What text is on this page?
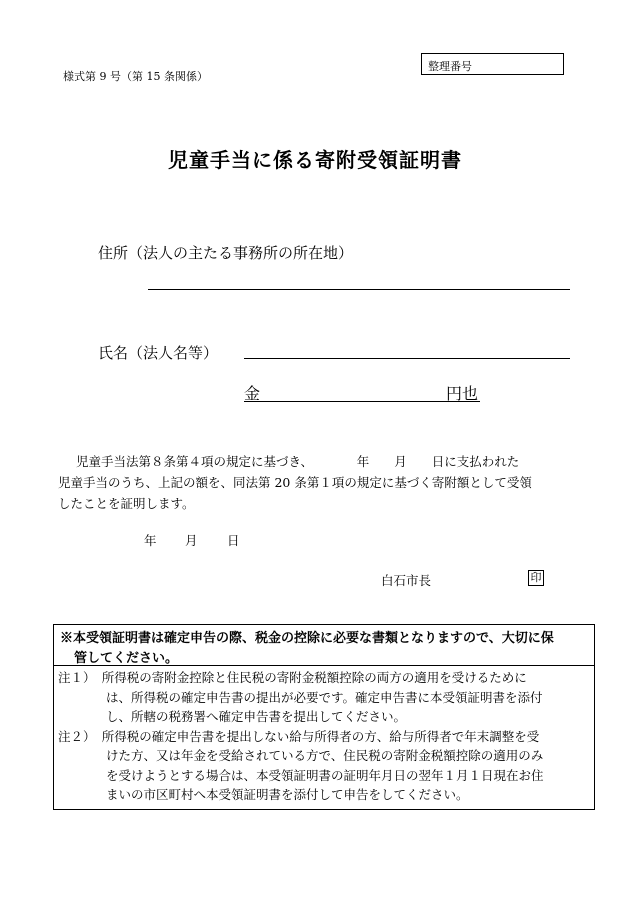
様式第 9 号（第 15 条関係）
整理番号
児童手当に係る寄附受領証明書
住所（法人の主たる事務所の所在地）
氏名（法人名等）
金	円也
児童手当法第８条第４項の規定に基づき、　　　　年　　月　　日に支払われた
児童手当のうち、上記の額を、同法第 20 条第１項の規定に基づく寄附額として受領
したことを証明します。
年 月 日
白石市長	印
※本受領証明書は確定申告の際、税金の控除に必要な書類となりますので、大切に保
管してください。
注１）　所得税の寄附金控除と住民税の寄附金税額控除の両方の適用を受けるために
は、所得税の確定申告書の提出が必要です。確定申告書に本受領証明書を添付
し、所轄の税務署へ確定申告書を提出してください。
注２）　所得税の確定申告書を提出しない給与所得者の方、給与所得者で年末調整を受
けた方、又は年金を受給されている方で、住民税の寄附金税額控除の適用のみ
を受けようとする場合は、本受領証明書の証明年月日の翌年１月１日現在お住
まいの市区町村へ本受領証明書を添付して申告をしてください。
